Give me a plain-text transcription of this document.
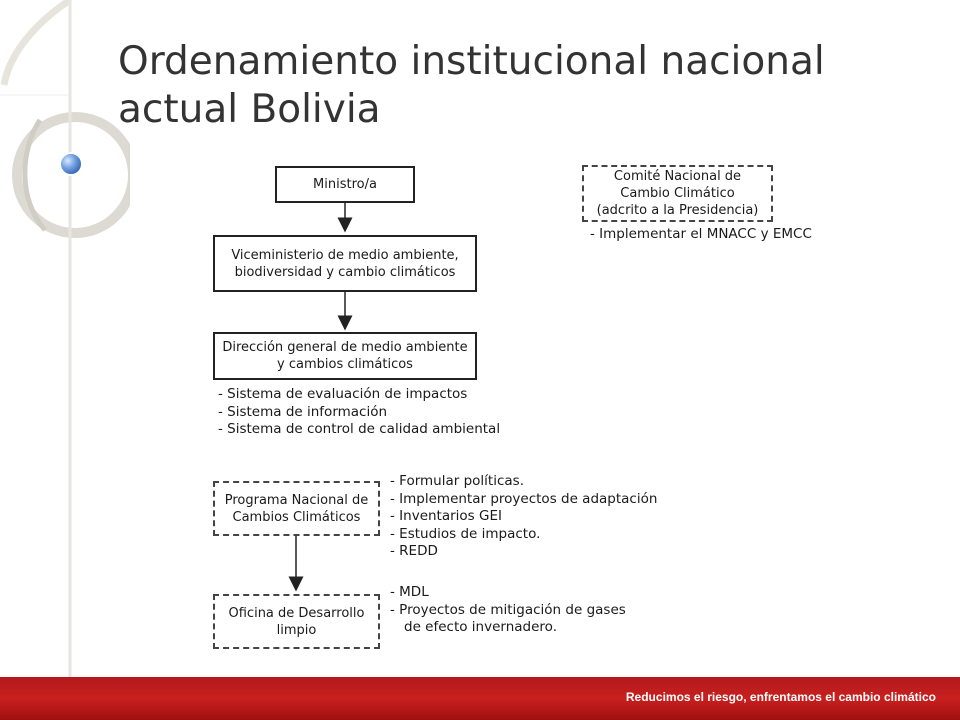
Ordenamiento institucional nacional actual Bolivia
Ministro/a
Viceministerio de medio ambiente, biodiversidad y cambio climáticos
Dirección general de medio ambiente y cambios climáticos
- Sistema de evaluación de impactos
- Sistema de información
- Sistema de control de calidad ambiental
Comité Nacional de Cambio Climático (adcrito a la Presidencia)
- Implementar el MNACC y EMCC
Programa Nacional de Cambios Climáticos
- Formular políticas.
- Implementar proyectos de adaptación
- Inventarios GEI
- Estudios de impacto.
- REDD
Oficina de Desarrollo limpio
- MDL
- Proyectos de mitigación de gases
de efecto invernadero.
Reducimos el riesgo, enfrentamos el cambio climático
